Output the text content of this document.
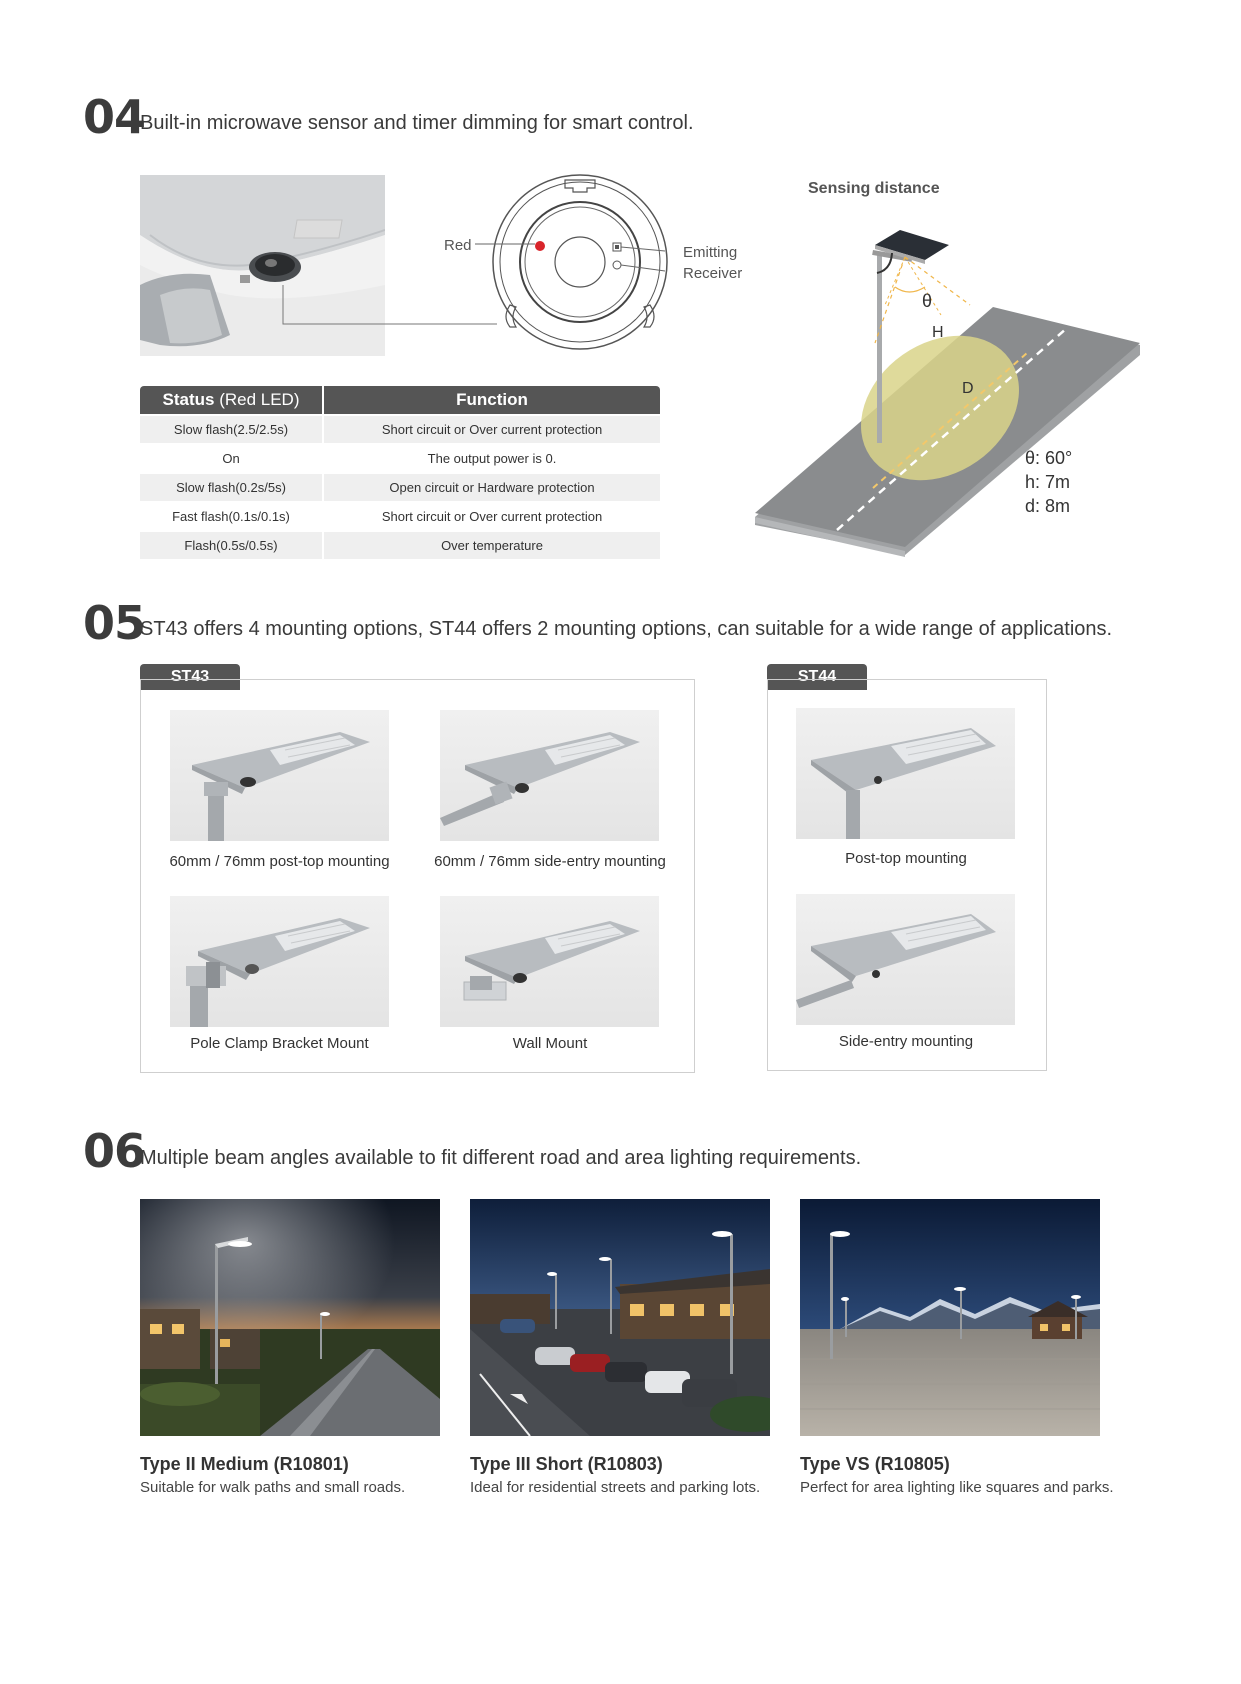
04
Built-in microwave sensor and timer dimming for smart control.
Red	Emitting
Receiver
Status (Red LED)	Function
Slow flash(2.5/2.5s)	Short circuit or Over current protection
On	The output power is 0.
Slow flash(0.2s/5s)	Open circuit or Hardware protection
Fast flash(0.1s/0.1s)	Short circuit or Over current protection
Flash(0.5s/0.5s)	Over temperature
Sensing distance
θ
H
D
θ: 60°
h: 7m
d: 8m
05
ST43 offers 4 mounting options, ST44 offers 2 mounting options, can suitable for a wide range of applications.
ST43
60mm / 76mm post-top mounting	60mm / 76mm side-entry mounting
Pole Clamp Bracket Mount	Wall Mount
ST44
Post-top mounting
Side-entry mounting
06
Multiple beam angles available to fit different road and area lighting requirements.
Type II Medium (R10801)
Suitable for walk paths and small roads.
Type III Short (R10803)
Ideal for residential streets and parking lots.
Type VS (R10805)
Perfect for area lighting like squares and parks.
